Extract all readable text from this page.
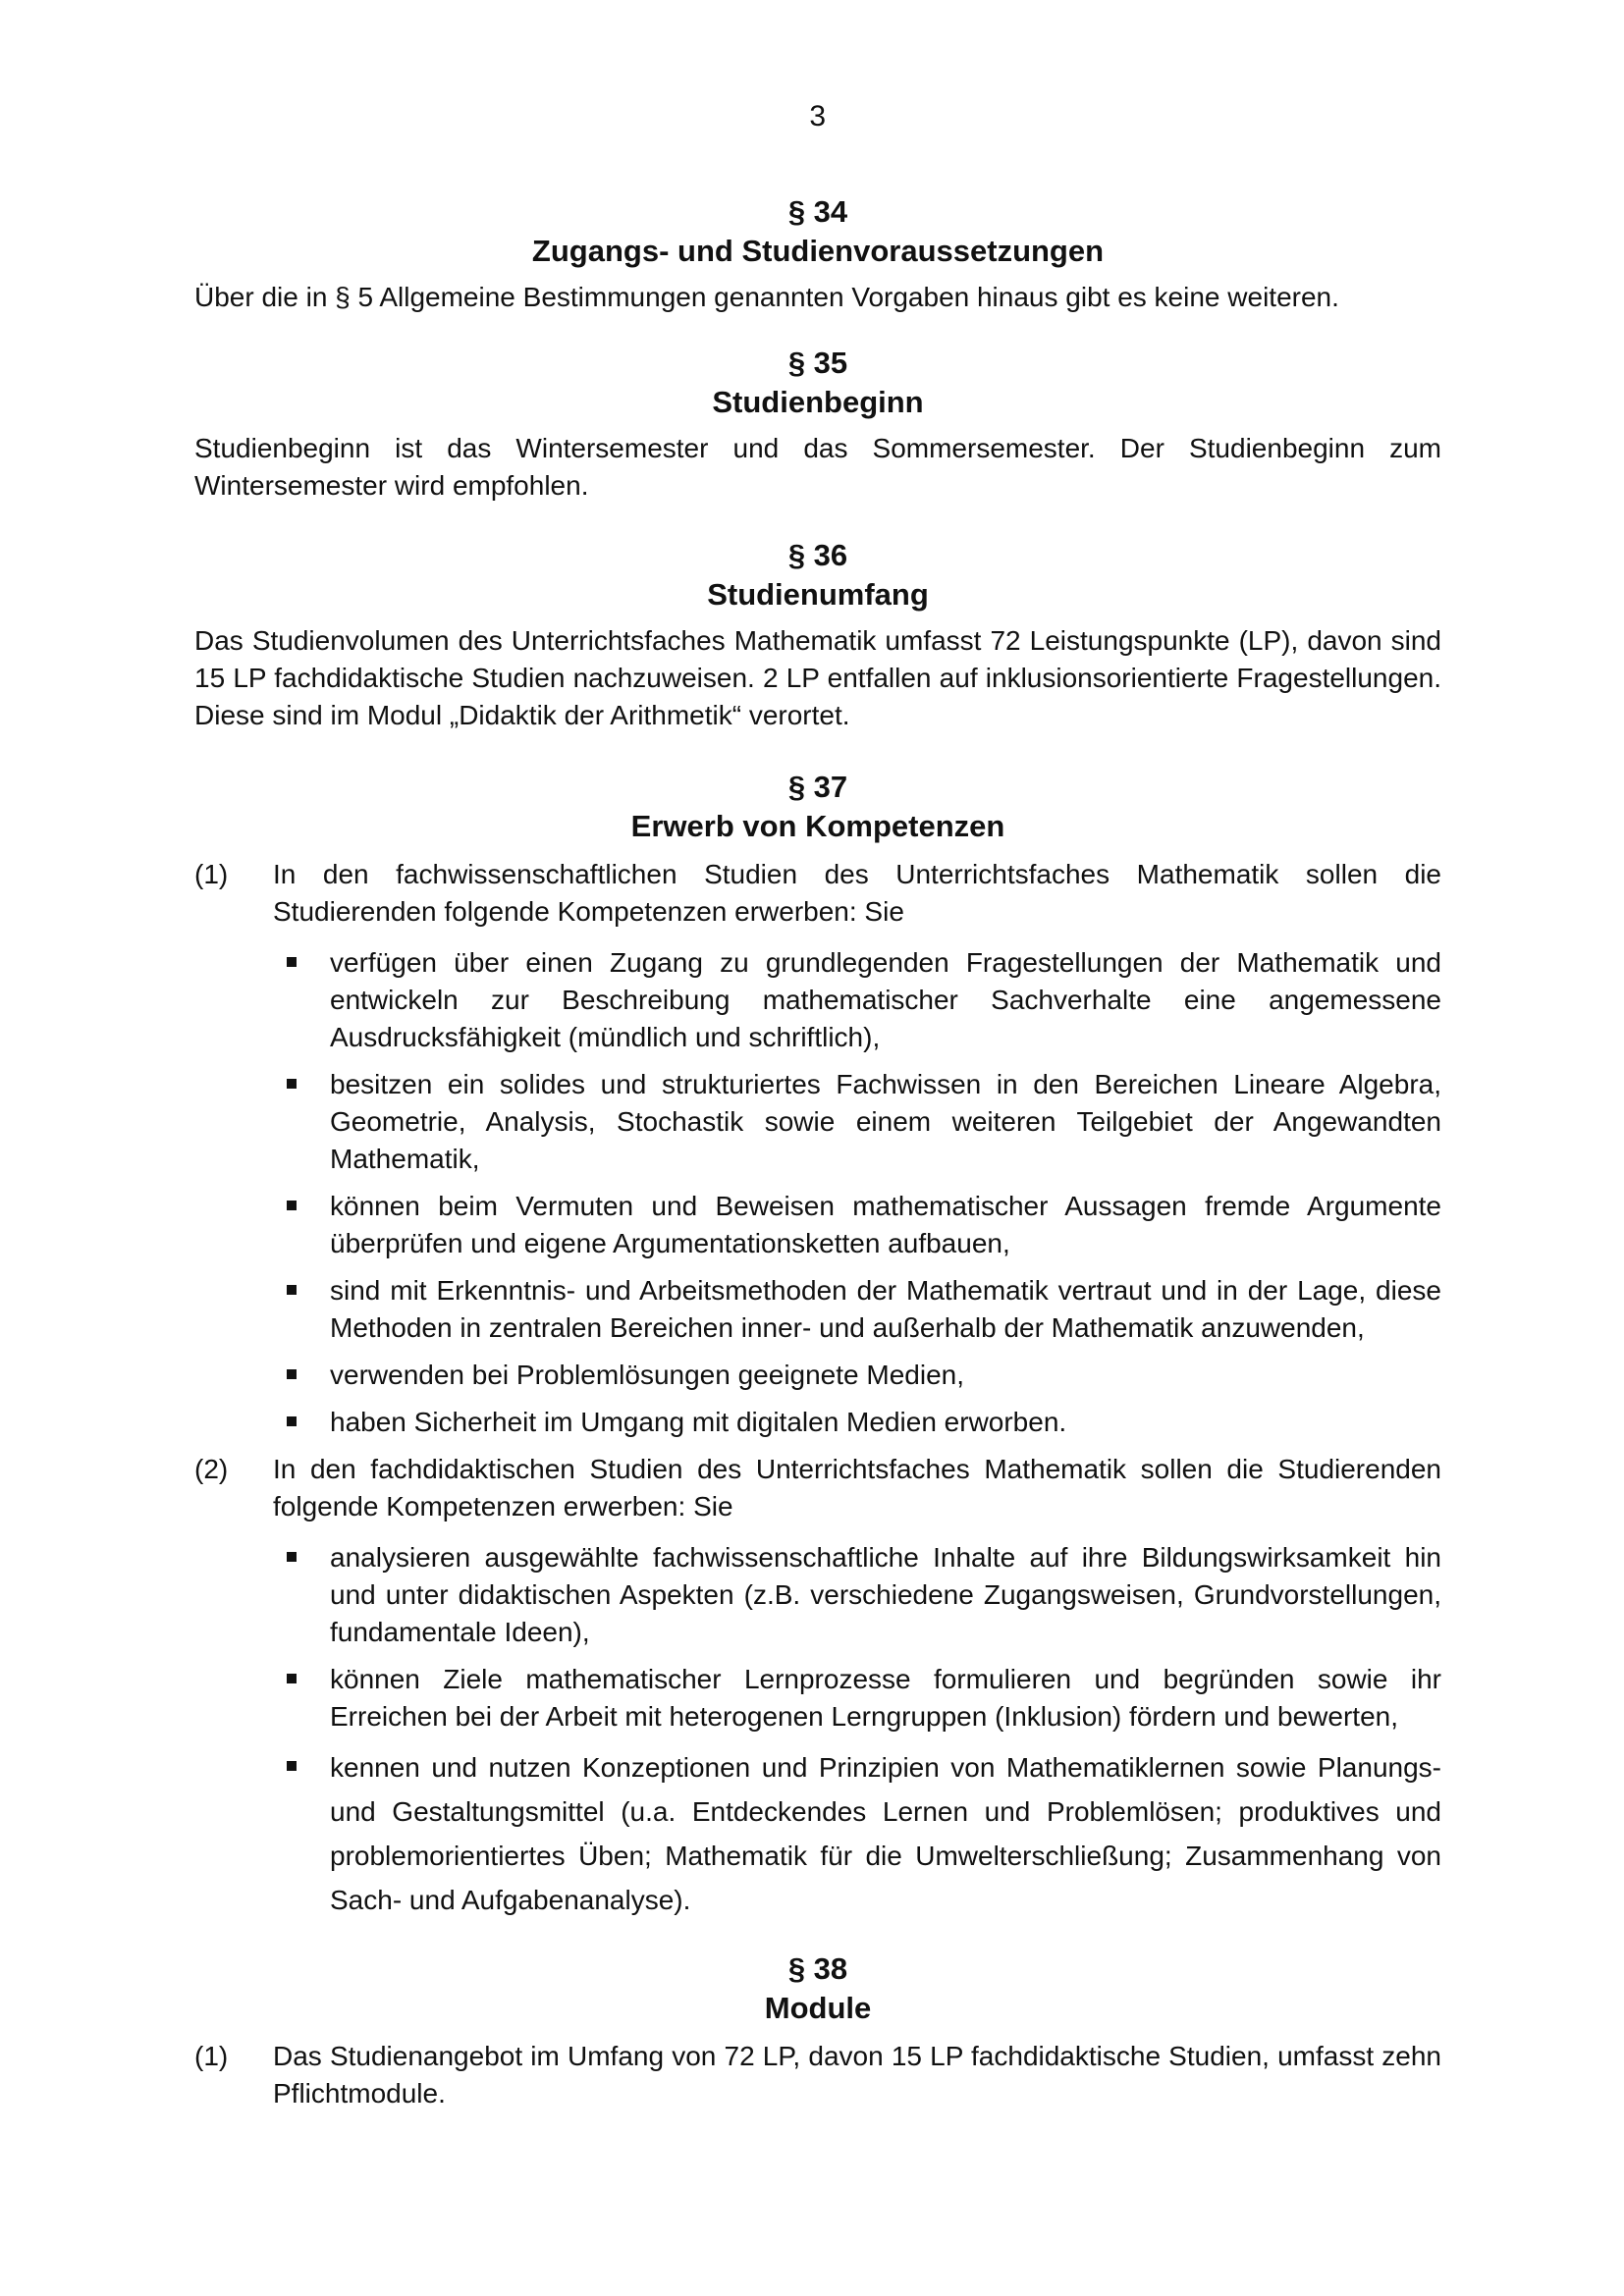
3
§ 34
Zugangs- und Studienvoraussetzungen
Über die in § 5 Allgemeine Bestimmungen genannten Vorgaben hinaus gibt es keine weiteren.
§ 35
Studienbeginn
Studienbeginn ist das Wintersemester und das Sommersemester. Der Studienbeginn zum Wintersemester wird empfohlen.
§ 36
Studienumfang
Das Studienvolumen des Unterrichtsfaches Mathematik umfasst 72 Leistungspunkte (LP), davon sind 15 LP fachdidaktische Studien nachzuweisen. 2 LP entfallen auf inklusionsorientierte Fragestellungen. Diese sind im Modul „Didaktik der Arithmetik“ verortet.
§ 37
Erwerb von Kompetenzen
(1) In den fachwissenschaftlichen Studien des Unterrichtsfaches Mathematik sollen die Studierenden folgende Kompetenzen erwerben: Sie
verfügen über einen Zugang zu grundlegenden Fragestellungen der Mathematik und entwickeln zur Beschreibung mathematischer Sachverhalte eine angemessene Ausdrucksfähigkeit (mündlich und schriftlich),
besitzen ein solides und strukturiertes Fachwissen in den Bereichen Lineare Algebra, Geometrie, Analysis, Stochastik sowie einem weiteren Teilgebiet der Angewandten Mathematik,
können beim Vermuten und Beweisen mathematischer Aussagen fremde Argumente überprüfen und eigene Argumentationsketten aufbauen,
sind mit Erkenntnis- und Arbeitsmethoden der Mathematik vertraut und in der Lage, diese Methoden in zentralen Bereichen inner- und außerhalb der Mathematik anzuwenden,
verwenden bei Problemlösungen geeignete Medien,
haben Sicherheit im Umgang mit digitalen Medien erworben.
(2) In den fachdidaktischen Studien des Unterrichtsfaches Mathematik sollen die Studierenden folgende Kompetenzen erwerben: Sie
analysieren ausgewählte fachwissenschaftliche Inhalte auf ihre Bildungswirksamkeit hin und unter didaktischen Aspekten (z.B. verschiedene Zugangsweisen, Grundvorstellungen, fundamentale Ideen),
können Ziele mathematischer Lernprozesse formulieren und begründen sowie ihr Erreichen bei der Arbeit mit heterogenen Lerngruppen (Inklusion) fördern und bewerten,
kennen und nutzen Konzeptionen und Prinzipien von Mathematiklernen sowie Planungs- und Gestaltungsmittel (u.a. Entdeckendes Lernen und Problemlösen; produktives und problemorientiertes Üben; Mathematik für die Umwelterschließung; Zusammenhang von Sach- und Aufgabenanalyse).
§ 38
Module
(1) Das Studienangebot im Umfang von 72 LP, davon 15 LP fachdidaktische Studien, umfasst zehn Pflichtmodule.
